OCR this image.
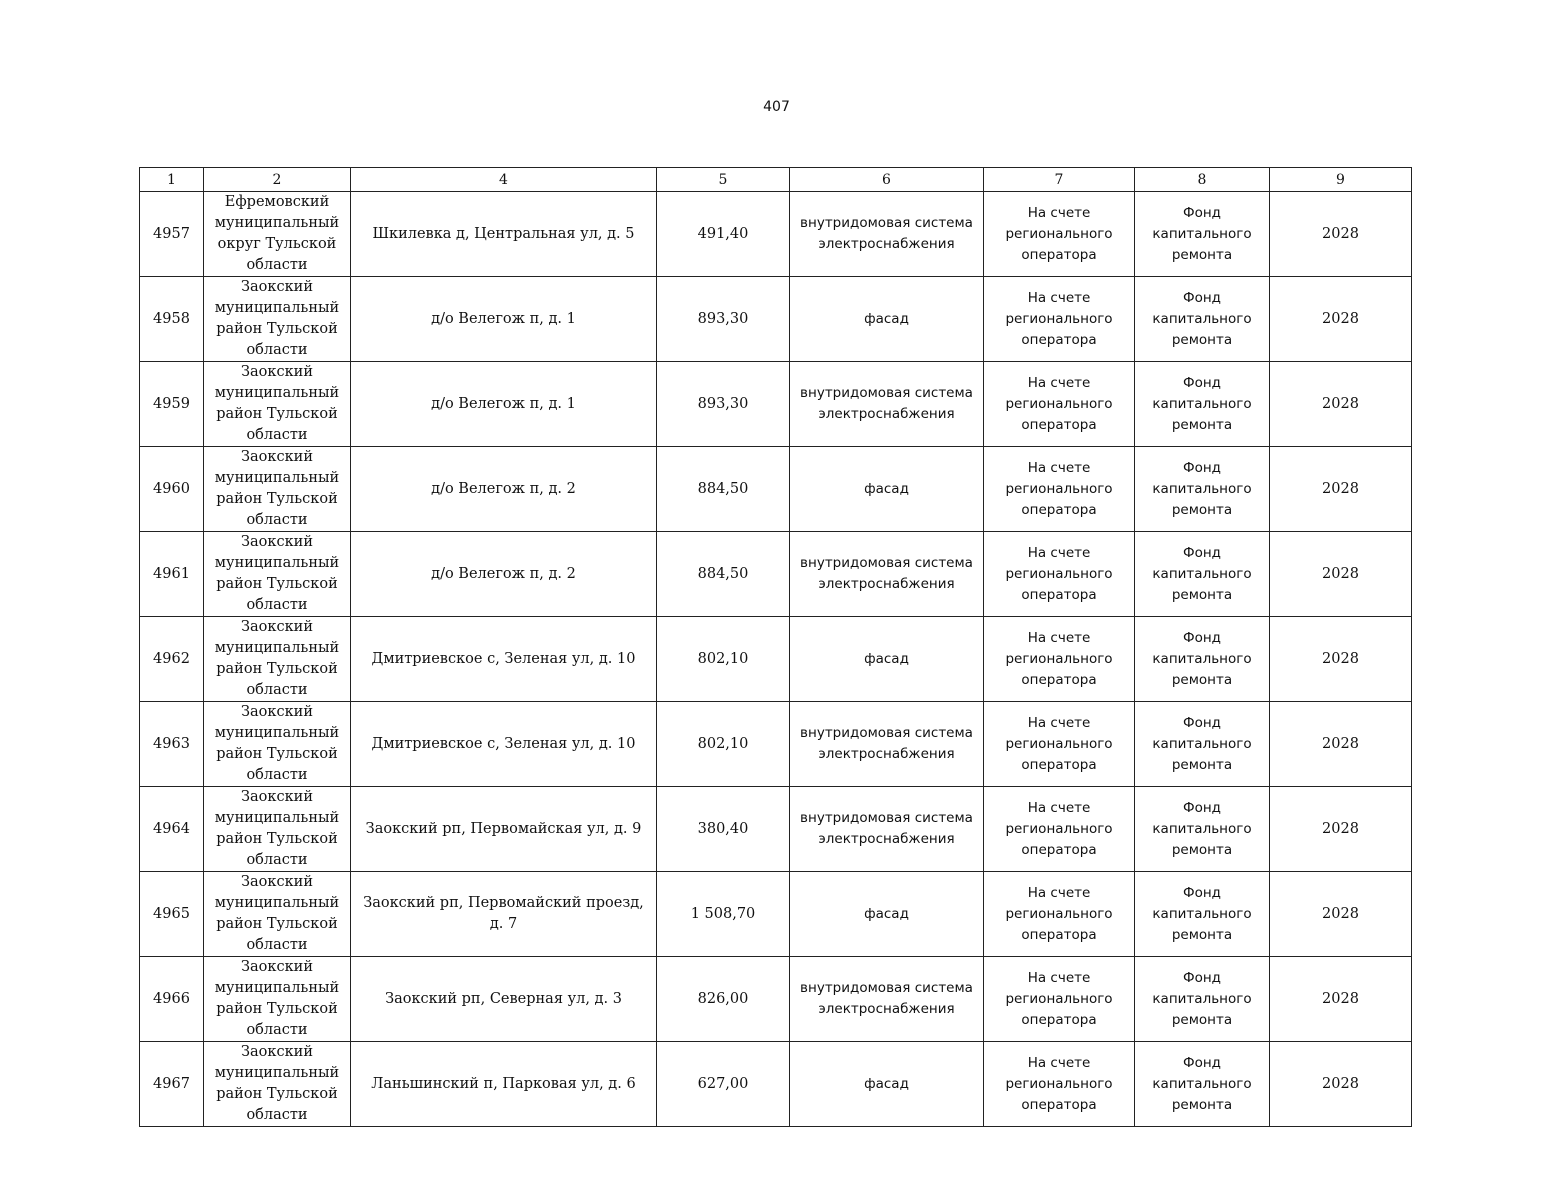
407
1	2	4	5	6	7	8	9
4957	Ефремовский
муниципальный
округ Тульской
области	Шкилевка д, Центральная ул, д. 5	491,40	внутридомовая система
электроснабжения	На счете
регионального
оператора	Фонд
капитального
ремонта	2028
4958	Заокский
муниципальный
район Тульской
области	д/о Велегож п, д. 1	893,30	фасад	На счете
регионального
оператора	Фонд
капитального
ремонта	2028
4959	Заокский
муниципальный
район Тульской
области	д/о Велегож п, д. 1	893,30	внутридомовая система
электроснабжения	На счете
регионального
оператора	Фонд
капитального
ремонта	2028
4960	Заокский
муниципальный
район Тульской
области	д/о Велегож п, д. 2	884,50	фасад	На счете
регионального
оператора	Фонд
капитального
ремонта	2028
4961	Заокский
муниципальный
район Тульской
области	д/о Велегож п, д. 2	884,50	внутридомовая система
электроснабжения	На счете
регионального
оператора	Фонд
капитального
ремонта	2028
4962	Заокский
муниципальный
район Тульской
области	Дмитриевское с, Зеленая ул, д. 10	802,10	фасад	На счете
регионального
оператора	Фонд
капитального
ремонта	2028
4963	Заокский
муниципальный
район Тульской
области	Дмитриевское с, Зеленая ул, д. 10	802,10	внутридомовая система
электроснабжения	На счете
регионального
оператора	Фонд
капитального
ремонта	2028
4964	Заокский
муниципальный
район Тульской
области	Заокский рп, Первомайская ул, д. 9	380,40	внутридомовая система
электроснабжения	На счете
регионального
оператора	Фонд
капитального
ремонта	2028
4965	Заокский
муниципальный
район Тульской
области	Заокский рп, Первомайский проезд, д. 7	1 508,70	фасад	На счете
регионального
оператора	Фонд
капитального
ремонта	2028
4966	Заокский
муниципальный
район Тульской
области	Заокский рп, Северная ул, д. 3	826,00	внутридомовая система
электроснабжения	На счете
регионального
оператора	Фонд
капитального
ремонта	2028
4967	Заокский
муниципальный
район Тульской
области	Ланьшинский п, Парковая ул, д. 6	627,00	фасад	На счете
регионального
оператора	Фонд
капитального
ремонта	2028
